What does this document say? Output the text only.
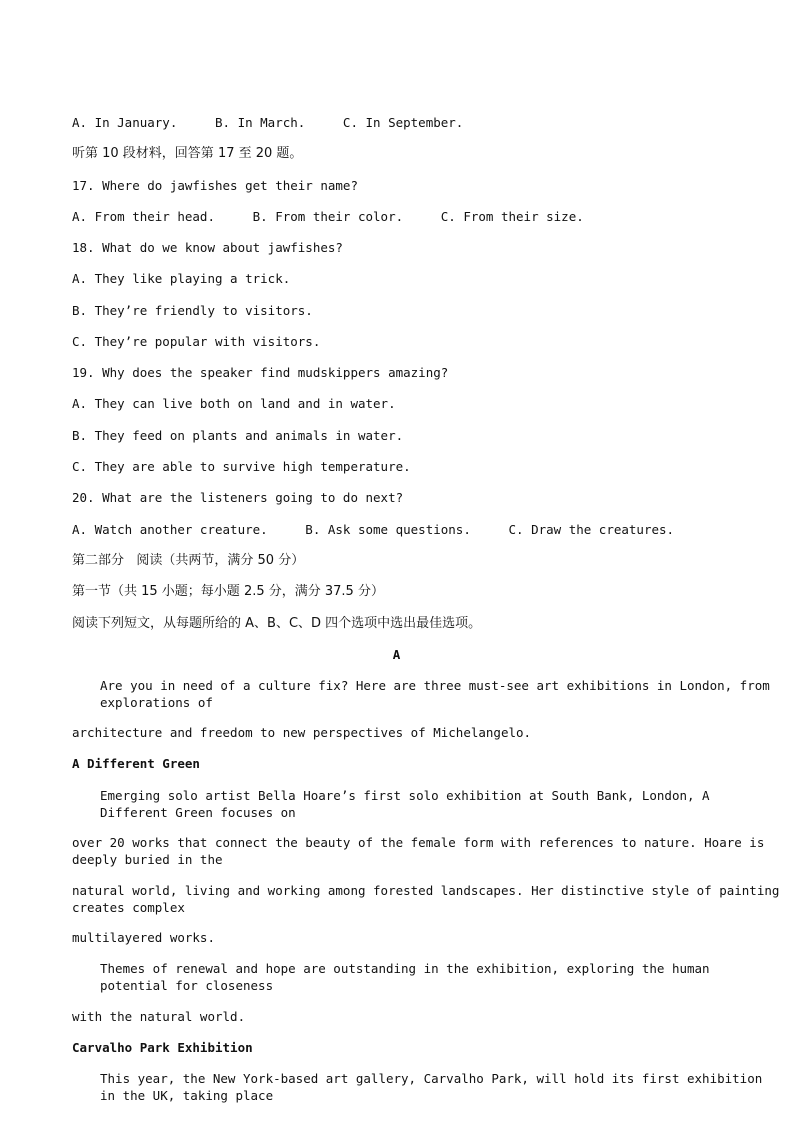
A. In January.     B. In March.     C. In September.
听第 10 段材料，回答第 17 至 20 题。
17. Where do jawfishes get their name?
A. From their head.     B. From their color.     C. From their size.
18. What do we know about jawfishes?
A. They like playing a trick.
B. They’re friendly to visitors.
C. They’re popular with visitors.
19. Why does the speaker find mudskippers amazing?
A. They can live both on land and in water.
B. They feed on plants and animals in water.
C. They are able to survive high temperature.
20. What are the listeners going to do next?
A. Watch another creature.     B. Ask some questions.     C. Draw the creatures.
第二部分   阅读（共两节，满分 50 分）
第一节（共 15 小题；每小题 2.5 分，满分 37.5 分）
阅读下列短文，从每题所给的 A、B、C、D 四个选项中选出最佳选项。
A
Are you in need of a culture fix? Here are three must-see art exhibitions in London, from explorations of
architecture and freedom to new perspectives of Michelangelo.
A Different Green
Emerging solo artist Bella Hoare’s first solo exhibition at South Bank, London, A Different Green focuses on
over 20 works that connect the beauty of the female form with references to nature. Hoare is deeply buried in the
natural world, living and working among forested landscapes. Her distinctive style of painting creates complex
multilayered works.
Themes of renewal and hope are outstanding in the exhibition, exploring the human potential for closeness
with the natural world.
Carvalho Park Exhibition
This year, the New York-based art gallery, Carvalho Park, will hold its first exhibition in the UK, taking place
